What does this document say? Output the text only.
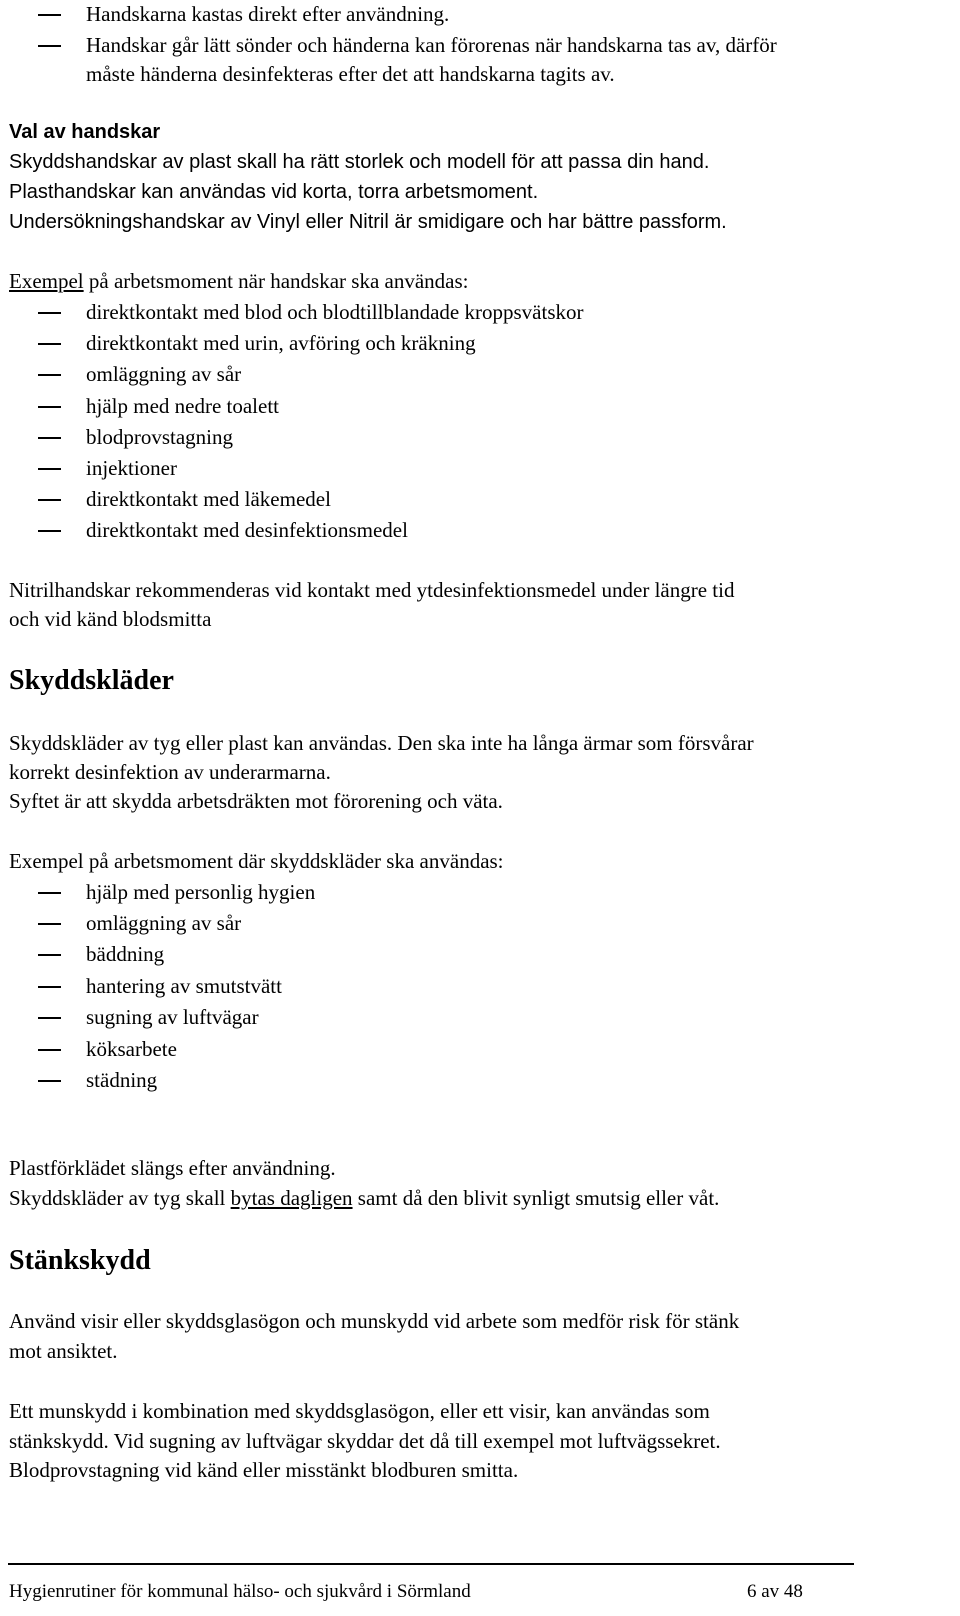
Handskarna kastas direkt efter användning.
Handskar går lätt sönder och händerna kan förorenas när handskarna tas av, därför
måste händerna desinfekteras efter det att handskarna tagits av.
Val av handskar
Skyddshandskar av plast skall ha rätt storlek och modell för att passa din hand.
Plasthandskar kan användas vid korta, torra arbetsmoment.
Undersökningshandskar av Vinyl eller Nitril är smidigare och har bättre passform.
Exempel på arbetsmoment när handskar ska användas:
direktkontakt med blod och blodtillblandade kroppsvätskor
direktkontakt med urin, avföring och kräkning
omläggning av sår
hjälp med nedre toalett
blodprovstagning
injektioner
direktkontakt med läkemedel
direktkontakt med desinfektionsmedel
Nitrilhandskar rekommenderas vid kontakt med ytdesinfektionsmedel under längre tid
och vid känd blodsmitta
Skyddskläder
Skyddskläder av tyg eller plast kan användas. Den ska inte ha långa ärmar som försvårar
korrekt desinfektion av underarmarna.
Syftet är att skydda arbetsdräkten mot förorening och väta.
Exempel på arbetsmoment där skyddskläder ska användas:
hjälp med personlig hygien
omläggning av sår
bäddning
hantering av smutstvätt
sugning av luftvägar
köksarbete
städning
Plastförklädet slängs efter användning.
Skyddskläder av tyg skall bytas dagligen samt då den blivit synligt smutsig eller våt.
Stänkskydd
Använd visir eller skyddsglasögon och munskydd vid arbete som medför risk för stänk
mot ansiktet.
Ett munskydd i kombination med skyddsglasögon, eller ett visir, kan användas som
stänkskydd. Vid sugning av luftvägar skyddar det då till exempel mot luftvägssekret.
Blodprovstagning vid känd eller misstänkt blodburen smitta.
Hygienrutiner för kommunal hälso- och sjukvård i Sörmland	6 av 48
